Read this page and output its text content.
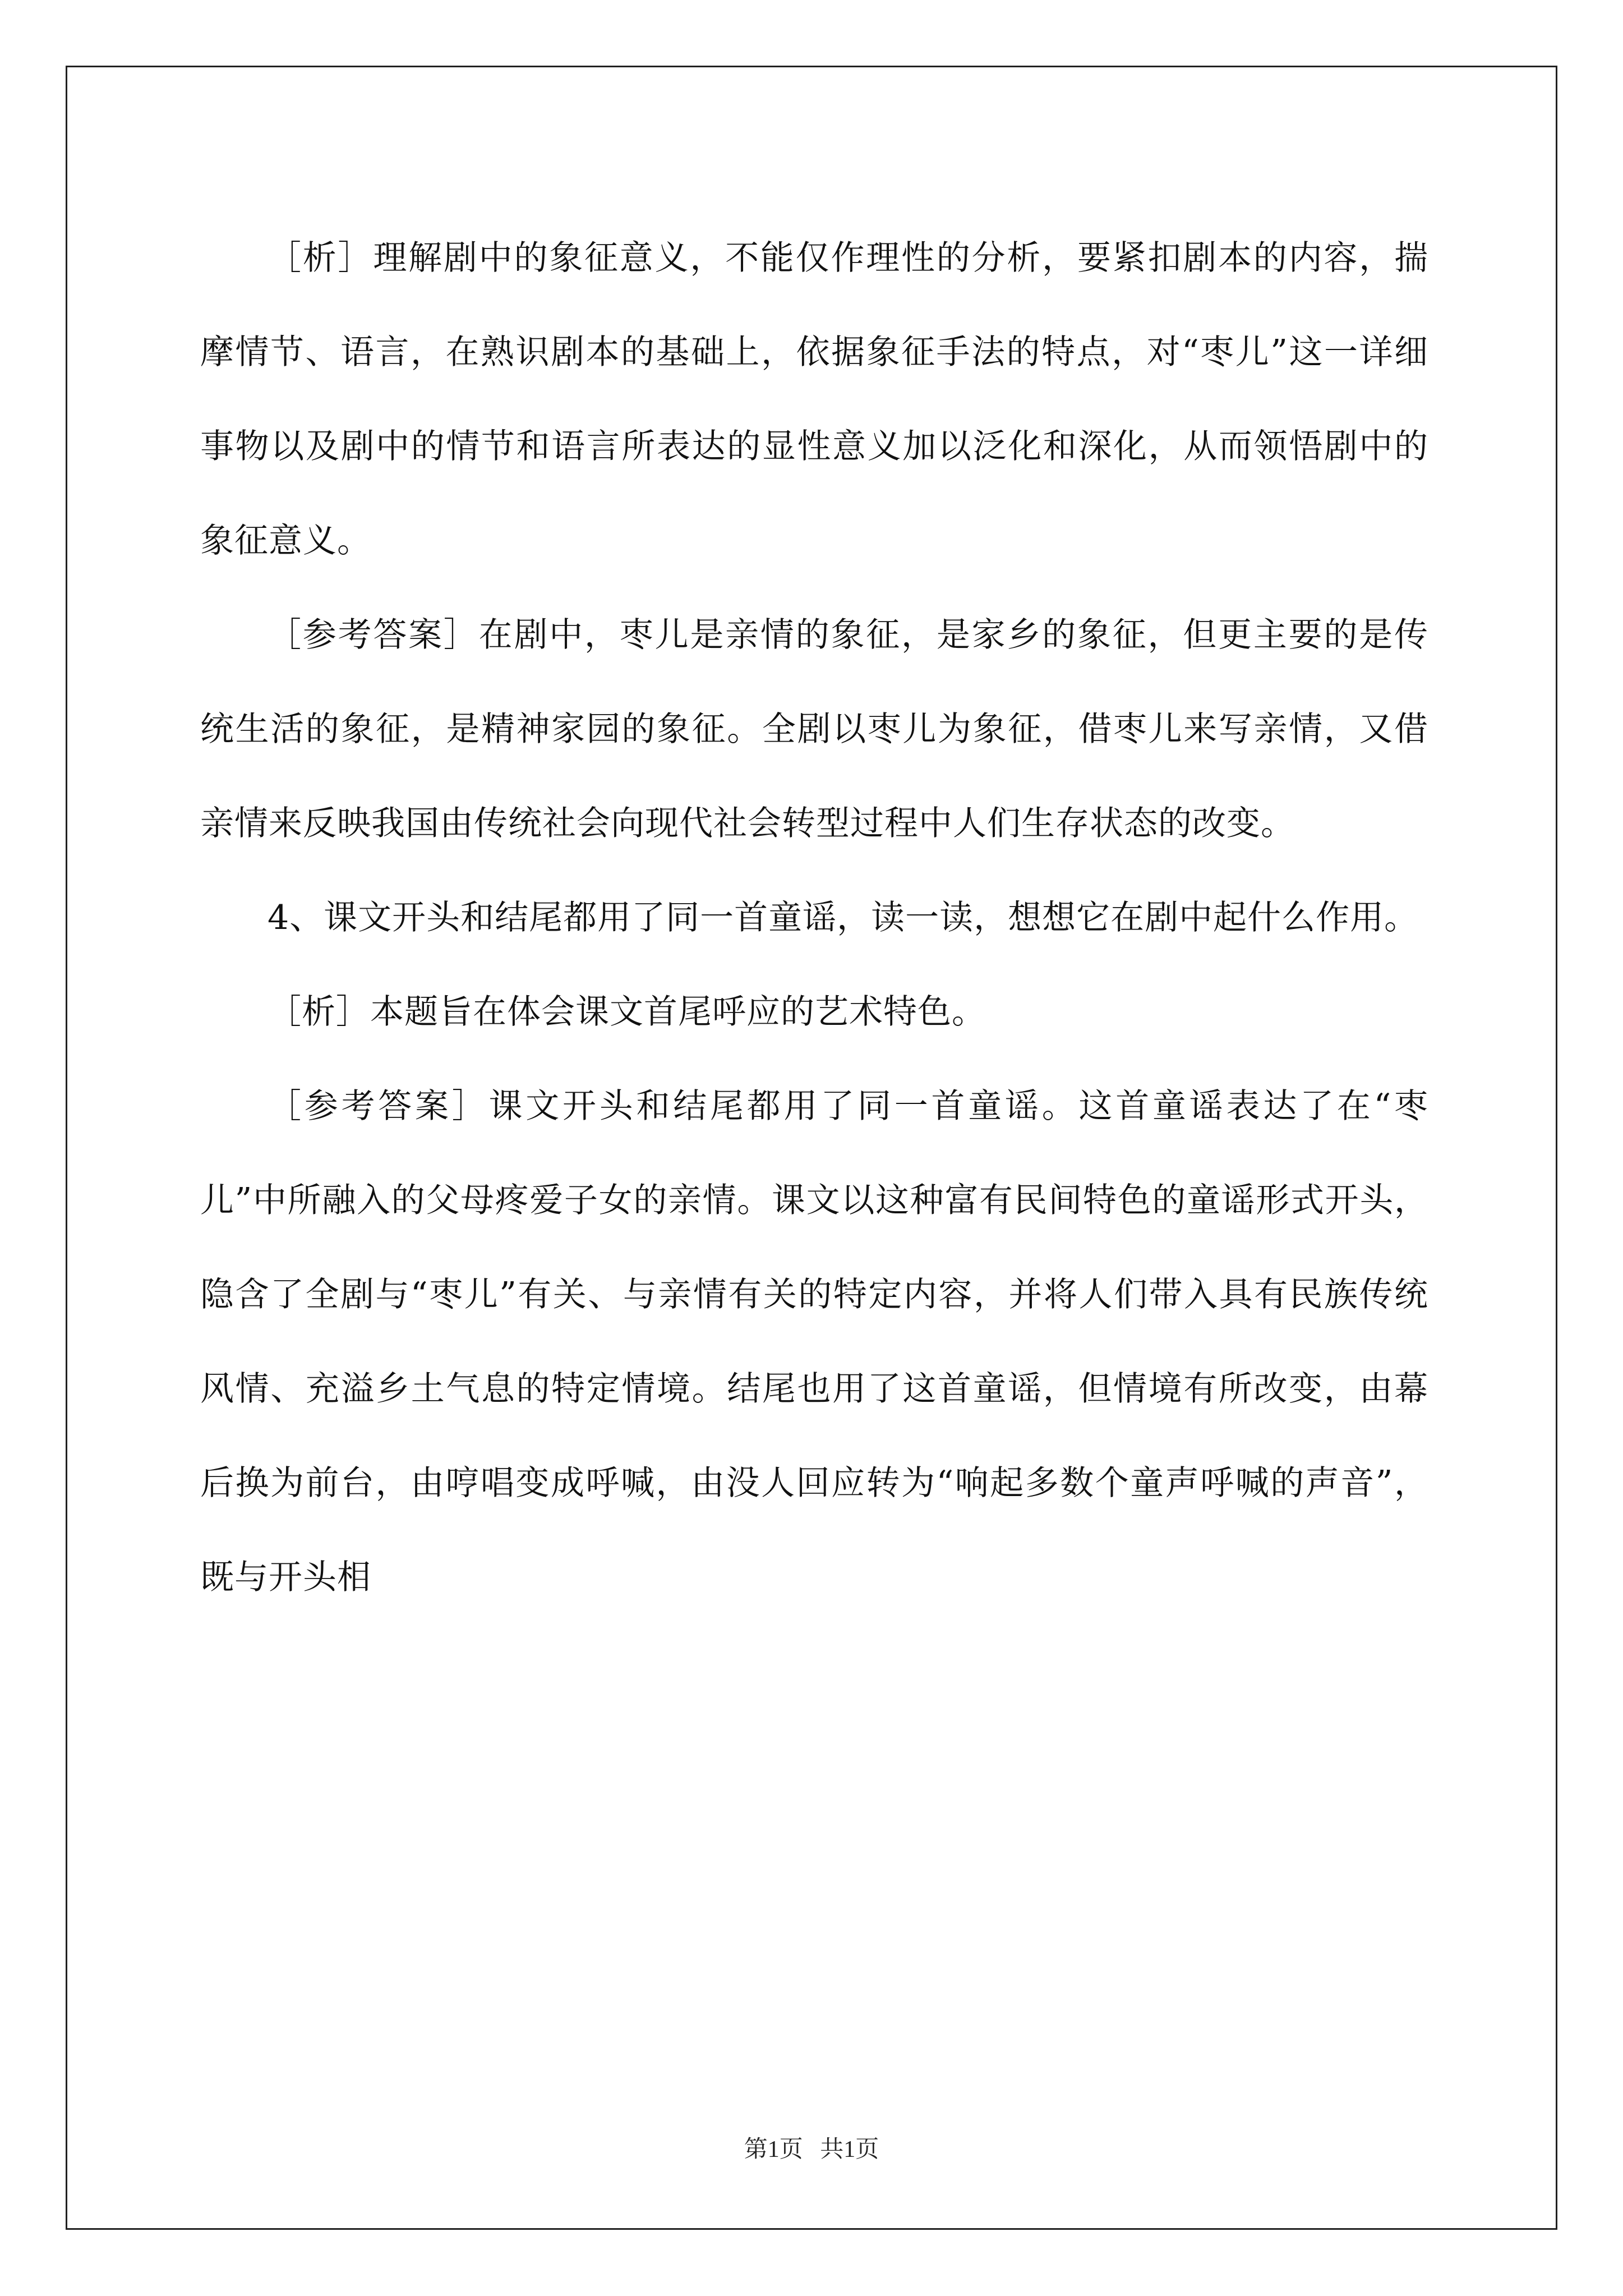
［析］理解剧中的象征意义，不能仅作理性的分析，要紧扣剧本的内容，揣摩情节、语言，在熟识剧本的基础上，依据象征手法的特点，对“枣儿”这一详细事物以及剧中的情节和语言所表达的显性意义加以泛化和深化，从而领悟剧中的象征意义。

［参考答案］在剧中，枣儿是亲情的象征，是家乡的象征，但更主要的是传统生活的象征，是精神家园的象征。全剧以枣儿为象征，借枣儿来写亲情，又借亲情来反映我国由传统社会向现代社会转型过程中人们生存状态的改变。

4、课文开头和结尾都用了同一首童谣，读一读，想想它在剧中起什么作用。

［析］本题旨在体会课文首尾呼应的艺术特色。

［参考答案］课文开头和结尾都用了同一首童谣。这首童谣表达了在“枣儿”中所融入的父母疼爱子女的亲情。课文以这种富有民间特色的童谣形式开头，隐含了全剧与“枣儿”有关、与亲情有关的特定内容，并将人们带入具有民族传统风情、充溢乡土气息的特定情境。结尾也用了这首童谣，但情境有所改变，由幕后换为前台，由哼唱变成呼喊，由没人回应转为“响起多数个童声呼喊的声音”，既与开头相

第1页 共1页
